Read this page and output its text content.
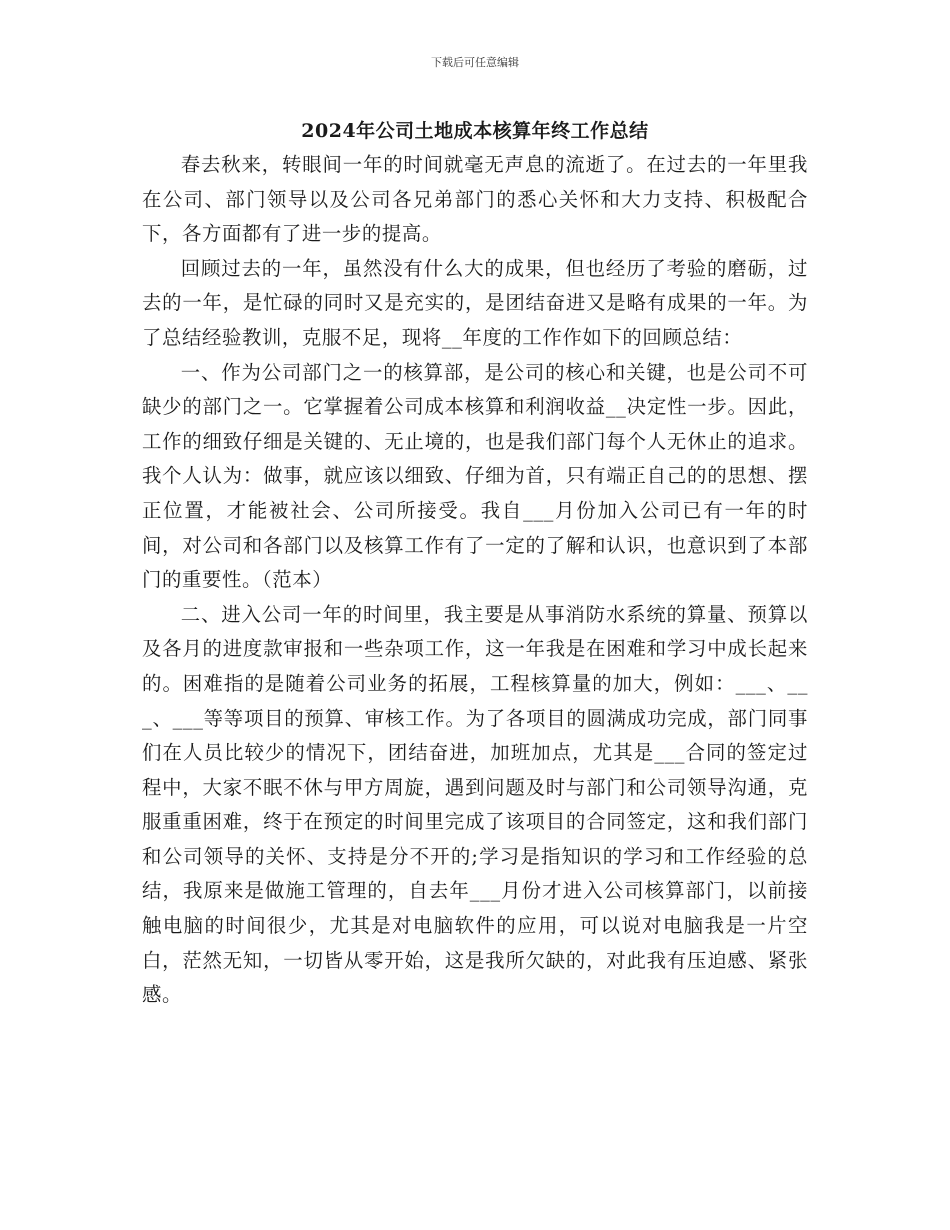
下载后可任意编辑
2024年公司土地成本核算年终工作总结

春去秋来，转眼间一年的时间就毫无声息的流逝了。在过去的一年里我在公司、部门领导以及公司各兄弟部门的悉心关怀和大力支持、积极配合下，各方面都有了进一步的提高。

回顾过去的一年，虽然没有什么大的成果，但也经历了考验的磨砺，过去的一年，是忙碌的同时又是充实的，是团结奋进又是略有成果的一年。为了总结经验教训，克服不足，现将__年度的工作作如下的回顾总结：

一、作为公司部门之一的核算部，是公司的核心和关键，也是公司不可缺少的部门之一。它掌握着公司成本核算和利润收益__决定性一步。因此，工作的细致仔细是关键的、无止境的，也是我们部门每个人无休止的追求。我个人认为：做事，就应该以细致、仔细为首，只有端正自己的的思想、摆正位置，才能被社会、公司所接受。我自___月份加入公司已有一年的时间，对公司和各部门以及核算工作有了一定的了解和认识，也意识到了本部门的重要性。（范本）

二、进入公司一年的时间里，我主要是从事消防水系统的算量、预算以及各月的进度款审报和一些杂项工作，这一年我是在困难和学习中成长起来的。困难指的是随着公司业务的拓展，工程核算量的加大，例如：___、___、___等等项目的预算、审核工作。为了各项目的圆满成功完成，部门同事们在人员比较少的情况下，团结奋进，加班加点，尤其是___合同的签定过程中，大家不眠不休与甲方周旋，遇到问题及时与部门和公司领导沟通，克服重重困难，终于在预定的时间里完成了该项目的合同签定，这和我们部门和公司领导的关怀、支持是分不开的;学习是指知识的学习和工作经验的总结，我原来是做施工管理的，自去年___月份才进入公司核算部门，以前接触电脑的时间很少，尤其是对电脑软件的应用，可以说对电脑我是一片空白，茫然无知，一切皆从零开始，这是我所欠缺的，对此我有压迫感、紧张感。
